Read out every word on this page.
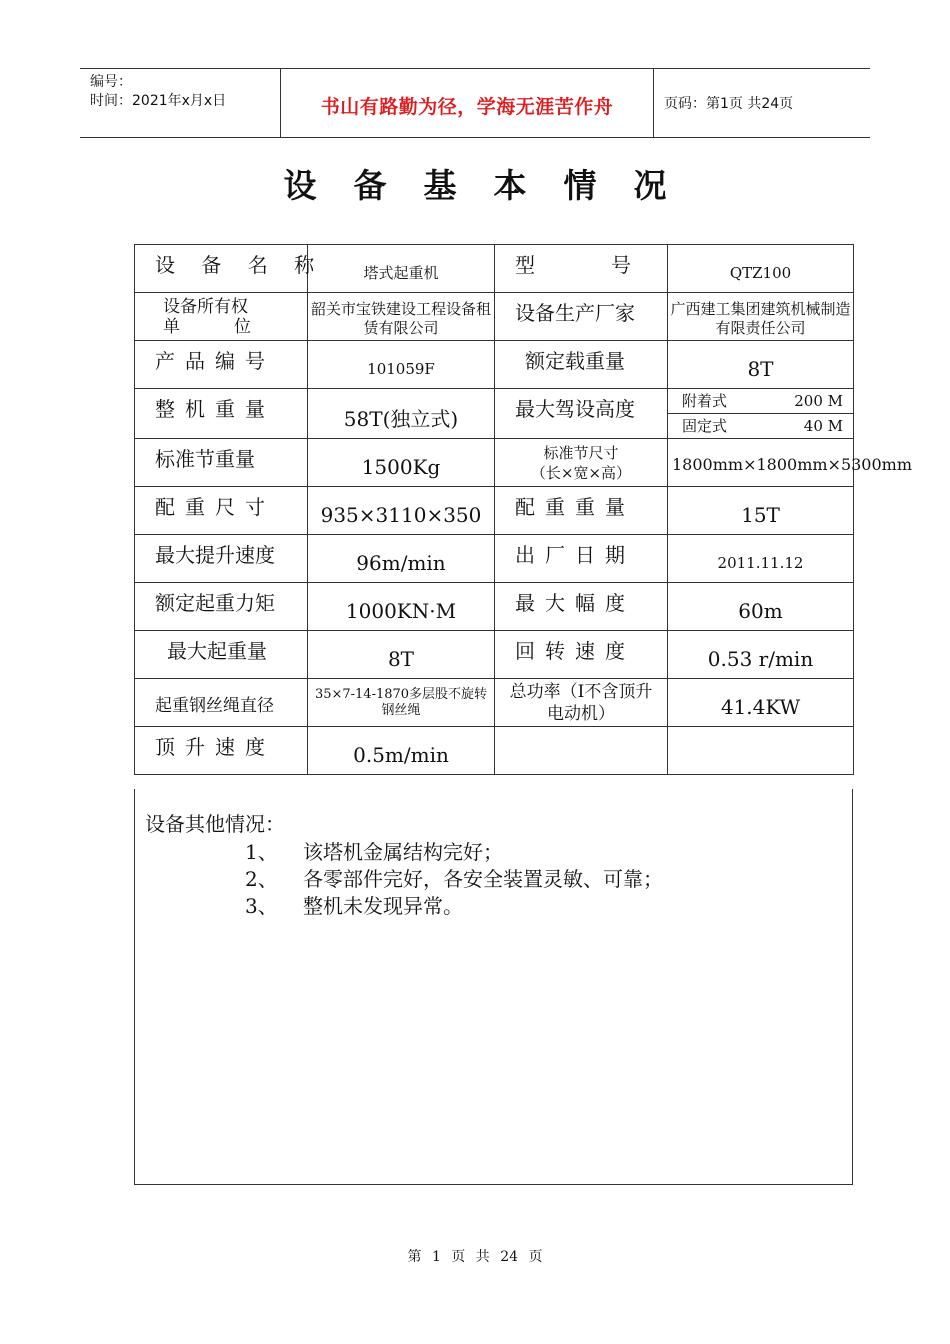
编号：
时间：2021年x月x日	书山有路勤为径，学海无涯苦作舟	页码：第1页 共24页
设备基本情况
设 备 名 称	塔式起重机	型 号	QTZ100

设备所有权
单          位	韶关市宝铁建设工程设备租赁有限公司	设备生产厂家	广西建工集团建筑机械制造有限责任公司
产品编号	101059F	额定载重量	8T
整机重量	58T(独立式)	最大驾设高度	附着式 200 M
固定式 40 M

标准节重量	1500Kg	标准节尺寸
（长×宽×高）	1800mm×1800mm×5300mm
配重尺寸	935×3110×350	配重重量	15T
最大提升速度	96m/min	出厂日期	2011.11.12
额定起重力矩	1000KN·M	最大幅度	60m
最大起重量	8T	回转速度	0.53 r/min
起重钢丝绳直径	35×7-14-1870多层股不旋转钢丝绳	总功率（I不含顶升电动机）	41.4KW
顶升速度	0.5m/min		
设备其他情况：
1、	该塔机金属结构完好；
2、	各零部件完好，各安全装置灵敏、可靠；
3、	整机未发现异常。
第 1 页 共 24 页
